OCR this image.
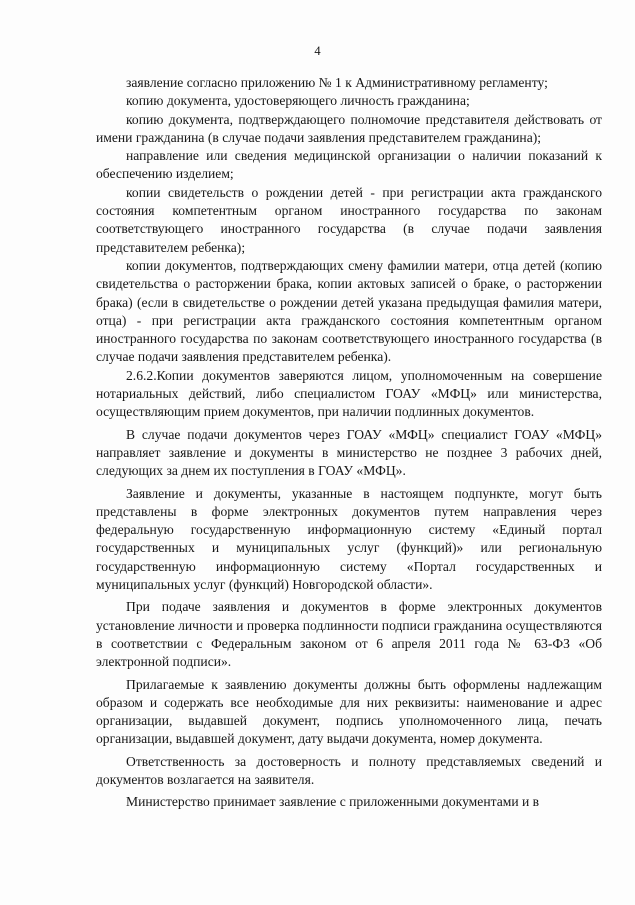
4

заявление согласно приложению № 1 к Административному регламенту;

копию документа, удостоверяющего личность гражданина;

копию документа, подтверждающего полномочие представителя действовать от имени гражданина (в случае подачи заявления представителем гражданина);

направление или сведения медицинской организации о наличии показаний к обеспечению изделием;

копии свидетельств о рождении детей - при регистрации акта гражданского состояния компетентным органом иностранного государства по законам соответствующего иностранного государства (в случае подачи заявления представителем ребенка);

копии документов, подтверждающих смену фамилии матери, отца детей (копию свидетельства о расторжении брака, копии актовых записей о браке, о расторжении брака) (если в свидетельстве о рождении детей указана предыдущая фамилия матери, отца) - при регистрации акта гражданского состояния компетентным органом иностранного государства по законам соответствующего иностранного государства (в случае подачи заявления представителем ребенка).

2.6.2.Копии документов заверяются лицом, уполномоченным на совершение нотариальных действий, либо специалистом ГОАУ «МФЦ» или министерства, осуществляющим прием документов, при наличии подлинных документов.

В случае подачи документов через ГОАУ «МФЦ» специалист ГОАУ «МФЦ» направляет заявление и документы в министерство не позднее 3 рабочих дней, следующих за днем их поступления в ГОАУ «МФЦ».

Заявление и документы, указанные в настоящем подпункте, могут быть представлены в форме электронных документов путем направления через федеральную государственную информационную систему «Единый портал государственных и муниципальных услуг (функций)» или региональную государственную информационную систему «Портал государственных и муниципальных услуг (функций) Новгородской области».

При подаче заявления и документов в форме электронных документов установление личности и проверка подлинности подписи гражданина осуществляются в соответствии с Федеральным законом от 6 апреля 2011 года № 63-ФЗ «Об электронной подписи».

Прилагаемые к заявлению документы должны быть оформлены надлежащим образом и содержать все необходимые для них реквизиты: наименование и адрес организации, выдавшей документ, подпись уполномоченного лица, печать организации, выдавшей документ, дату выдачи документа, номер документа.

Ответственность за достоверность и полноту представляемых сведений и документов возлагается на заявителя.

Министерство принимает заявление с приложенными документами и в
